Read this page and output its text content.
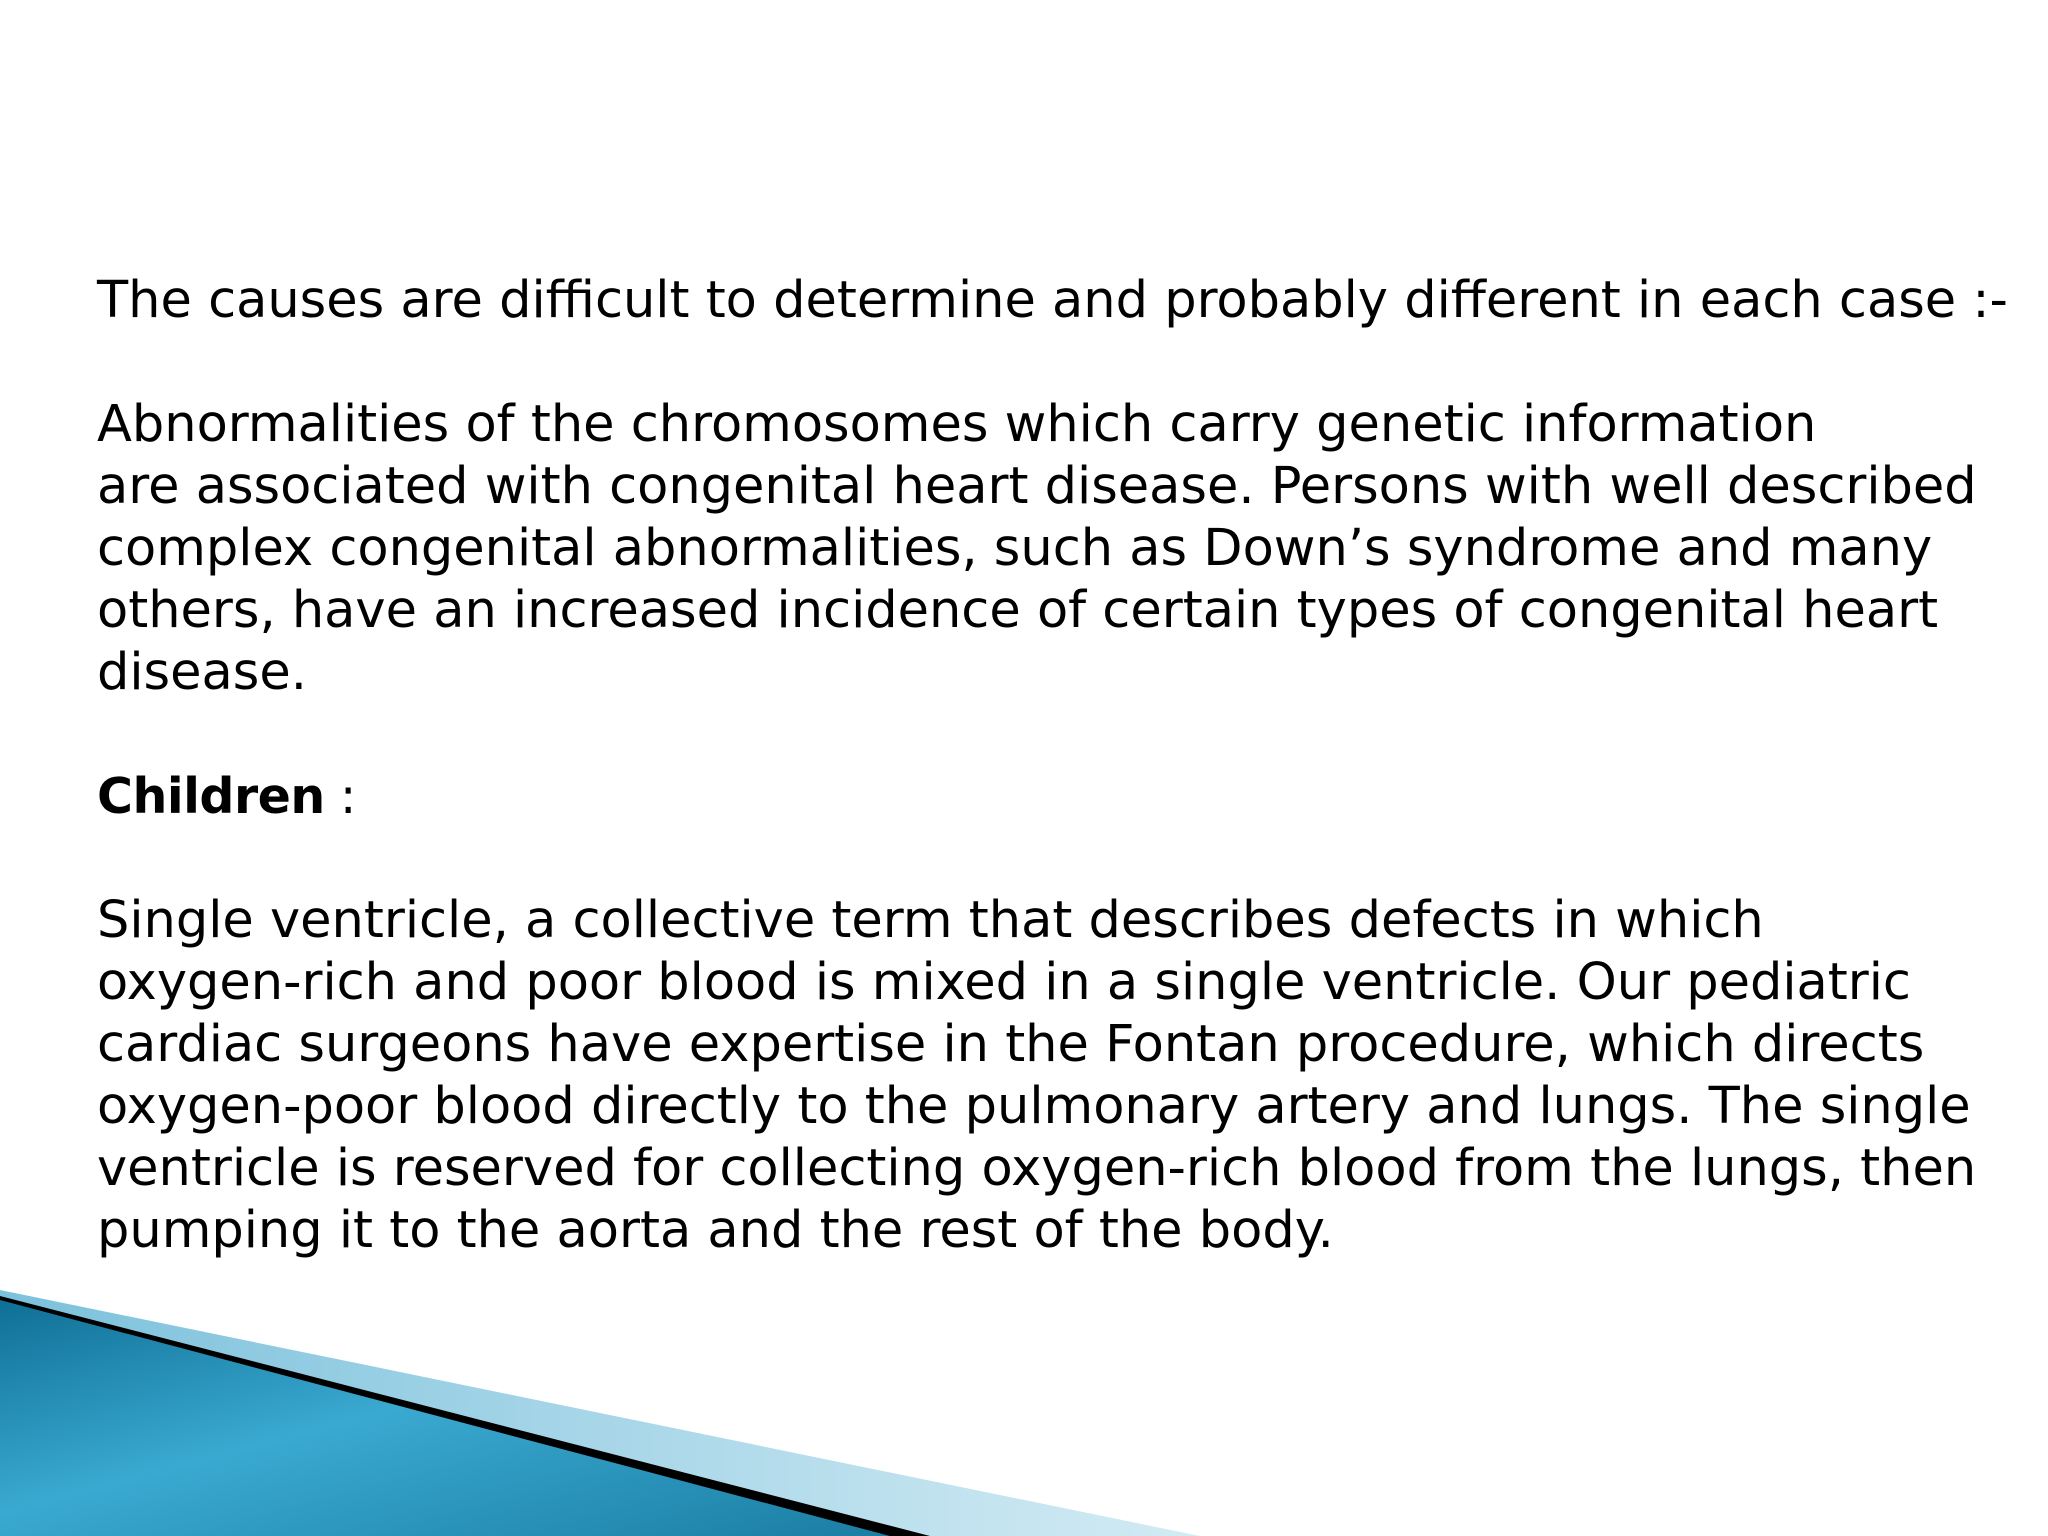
The causes are difficult to determine and probably different in each case :-

Abnormalities of the chromosomes which carry genetic information
are associated with congenital heart disease. Persons with well described
complex congenital abnormalities, such as Down’s syndrome and many
others, have an increased incidence of certain types of congenital heart
disease.

Children :

Single ventricle, a collective term that describes defects in which
oxygen-rich and poor blood is mixed in a single ventricle. Our pediatric
cardiac surgeons have expertise in the Fontan procedure, which directs
oxygen-poor blood directly to the pulmonary artery and lungs. The single
ventricle is reserved for collecting oxygen-rich blood from the lungs, then
pumping it to the aorta and the rest of the body.
